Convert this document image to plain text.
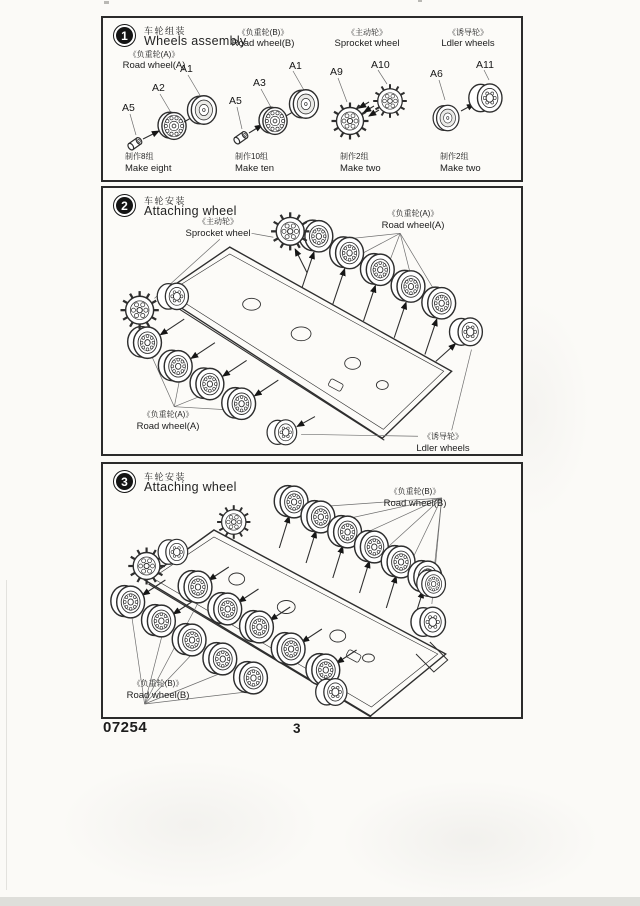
1	车轮组装
Wheels assembly
《负重轮(A)》
Road wheel(A)
《负重轮(B)》
Road wheel(B)
《主动轮》
Sprocket wheel
《诱导轮》
Ldler wheels
A1
A2
A5
制作8组
Make eight
A1
A3
A5
制作10组
Make ten
A9
A10
制作2组
Make two
A6
A11
制作2组
Make two
2	车轮安装
Attaching wheel
《主动轮》
Sprocket wheel
《负重轮(A)》
Road wheel(A)
《负重轮(A)》
Road wheel(A)
《诱导轮》
Ldler wheels
3	车轮安装
Attaching wheel	《负重轮(B)》
Road wheel(B)
《负重轮(B)》
Road wheel(B)
07254	3
